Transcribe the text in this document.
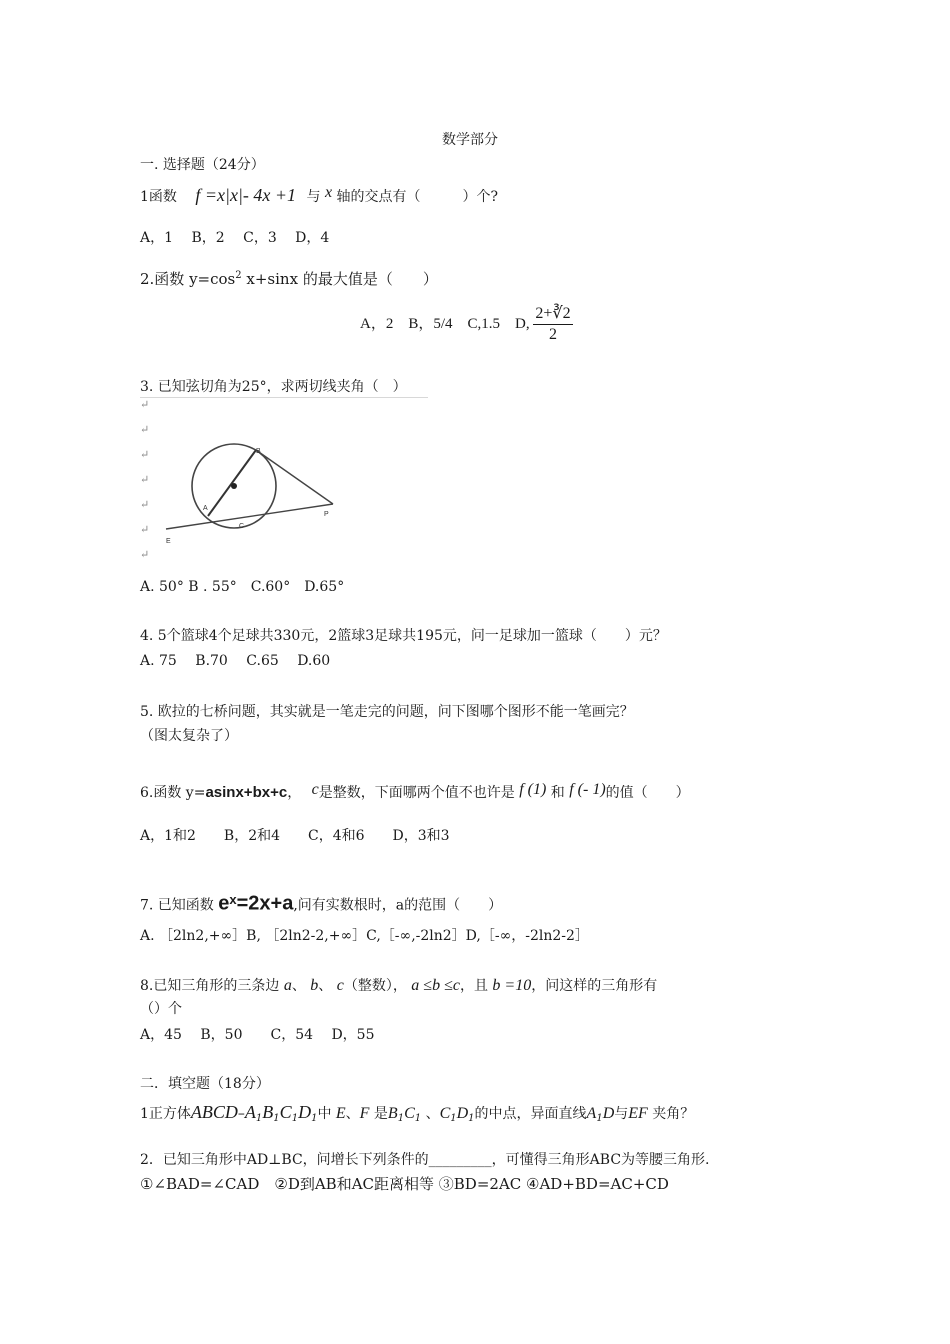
数学部分
一. 选择题（24分）
1函数 f =x|x|- 4x +1 与 x 轴的交点有（　　　）个?
A，1　 B，2　 C，3　 D，4
2.函数 $y=\cos^2$ x+sinx 的最大值是（　　）
A，2　B，5/4　C,1.5　D, $\frac{2+∛2}{2}$
3. 已知弦切角为25°，求两切线夹角（　）
↵
↵
↵
↵
↵
↵
↵
A
B
C
P
E
A. 50° B . 55°　C.60°　D.65°
4. 5个篮球4个足球共330元，2篮球3足球共195元，问一足球加一篮球（　　）元？
A. 75　 B.70　 C.65　 D.60
5. 欧拉的七桥问题，其实就是一笔走完的问题，问下图哪个图形不能一笔画完？
（图太复杂了）
6.函数 y=asinx+bx+c， c是整数，下面哪两个值不也许是 f (1) 和 f (- 1)的值（　　）
A，1和2　　B，2和4　　C，4和6　　D，3和3
7. 已知函数 $e^x=2x+a$,问有实数根时，a的范围（　　）
A. ［2ln2,+∞］B, ［2ln2-2,+∞］C,［-∞,-2ln2］D,［-∞，-2ln2-2］
8.已知三角形的三条边 a、 b、 c（整数）， a ≤b ≤c，且 b =10，问这样的三角形有
（）个
A，45　 B，50　　C，54　 D，55
二．填空题（18分）
1正方体ABCD–$A_1B_1C_1D_1$中 E、F 是$B_1C_1$ 、$C_1D_1$的中点，异面直线$A_1D$与EF 夹角？
2．已知三角形中AD⊥BC，问增长下列条件的_________，可懂得三角形ABC为等腰三角形.
①∠BAD=∠CAD　②D到AB和AC距离相等 ③BD=2AC ④AD+BD=AC+CD
